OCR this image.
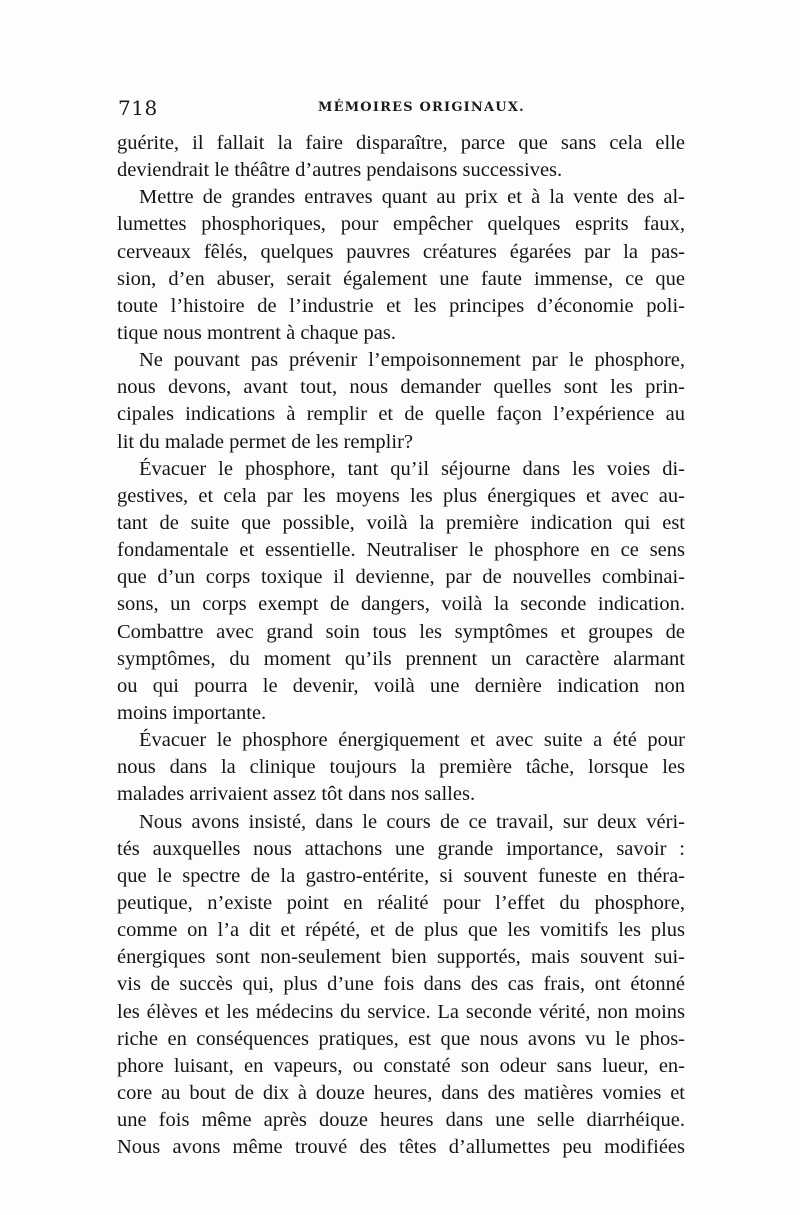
718	MÉMOIRES ORIGINAUX.
guérite, il fallait la faire disparaître, parce que sans cela elle
deviendrait le théâtre d’autres pendaisons successives.
Mettre de grandes entraves quant au prix et à la vente des al-
lumettes phosphoriques, pour empêcher quelques esprits faux,
cerveaux fêlés, quelques pauvres créatures égarées par la pas-
sion, d’en abuser, serait également une faute immense, ce que
toute l’histoire de l’industrie et les principes d’économie poli-
tique nous montrent à chaque pas.
Ne pouvant pas prévenir l’empoisonnement par le phosphore,
nous devons, avant tout, nous demander quelles sont les prin-
cipales indications à remplir et de quelle façon l’expérience au
lit du malade permet de les remplir?
Évacuer le phosphore, tant qu’il séjourne dans les voies di-
gestives, et cela par les moyens les plus énergiques et avec au-
tant de suite que possible, voilà la première indication qui est
fondamentale et essentielle. Neutraliser le phosphore en ce sens
que d’un corps toxique il devienne, par de nouvelles combinai-
sons, un corps exempt de dangers, voilà la seconde indication.
Combattre avec grand soin tous les symptômes et groupes de
symptômes, du moment qu’ils prennent un caractère alarmant
ou qui pourra le devenir, voilà une dernière indication non
moins importante.
Évacuer le phosphore énergiquement et avec suite a été pour
nous dans la clinique toujours la première tâche, lorsque les
malades arrivaient assez tôt dans nos salles.
Nous avons insisté, dans le cours de ce travail, sur deux véri-
tés auxquelles nous attachons une grande importance, savoir :
que le spectre de la gastro-entérite, si souvent funeste en théra-
peutique, n’existe point en réalité pour l’effet du phosphore,
comme on l’a dit et répété, et de plus que les vomitifs les plus
énergiques sont non-seulement bien supportés, mais souvent sui-
vis de succès qui, plus d’une fois dans des cas frais, ont étonné
les élèves et les médecins du service. La seconde vérité, non moins
riche en conséquences pratiques, est que nous avons vu le phos-
phore luisant, en vapeurs, ou constaté son odeur sans lueur, en-
core au bout de dix à douze heures, dans des matières vomies et
une fois même après douze heures dans une selle diarrhéique.
Nous avons même trouvé des têtes d’allumettes peu modifiées
